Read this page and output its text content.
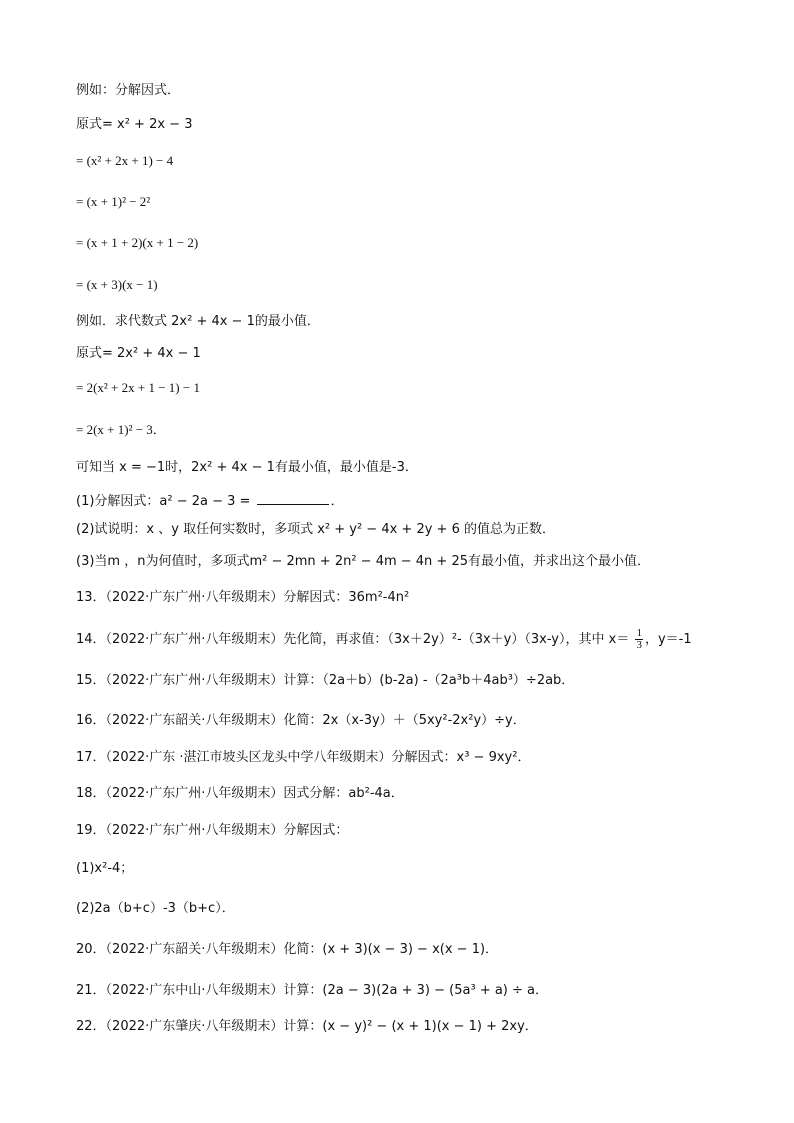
例如：分解因式．
原式= x² + 2x − 3
= (x² + 2x + 1) − 4
= (x + 1)² − 2²
= (x + 1 + 2)(x + 1 − 2)
= (x + 3)(x − 1)
例如．求代数式 2x² + 4x − 1的最小值．
原式= 2x² + 4x − 1
= 2(x² + 2x + 1 − 1) − 1
= 2(x + 1)² − 3．
可知当 x = −1时，2x² + 4x − 1有最小值，最小值是-3．
(1)分解因式：a² − 2a − 3 =	．
(2)试说明：x 、y 取任何实数时，多项式 x² + y² − 4x + 2y + 6 的值总为正数．
(3)当m ，n为何值时，多项式m² − 2mn + 2n² − 4m − 4n + 25有最小值，并求出这个最小值．
13．（2022·广东广州·八年级期末）分解因式：36m²-4n²
14．（2022·广东广州·八年级期末）先化简，再求值：（3x＋2y）²-（3x＋y）（3x-y），其中 $x= \frac{1}{3}$ ，y＝-1
15．（2022·广东广州·八年级期末）计算：（2a＋b）(b-2a) -（2a³b＋4ab³）÷2ab．
16．（2022·广东韶关·八年级期末）化简：2x（x-3y）＋（5xy²-2x²y）÷y．
17．（2022·广东 ·湛江市坡头区龙头中学八年级期末）分解因式：x³ − 9xy²．
18．（2022·广东广州·八年级期末）因式分解：ab²-4a．
19．（2022·广东广州·八年级期末）分解因式：
(1)x²-4；
(2)2a（b+c）-3（b+c）．
20．（2022·广东韶关·八年级期末）化简：(x + 3)(x − 3) − x(x − 1)．
21．（2022·广东中山·八年级期末）计算：(2a − 3)(2a + 3) − (5a³ + a) ÷ a．
22．（2022·广东肇庆·八年级期末）计算：(x − y)² − (x + 1)(x − 1) + 2xy．
